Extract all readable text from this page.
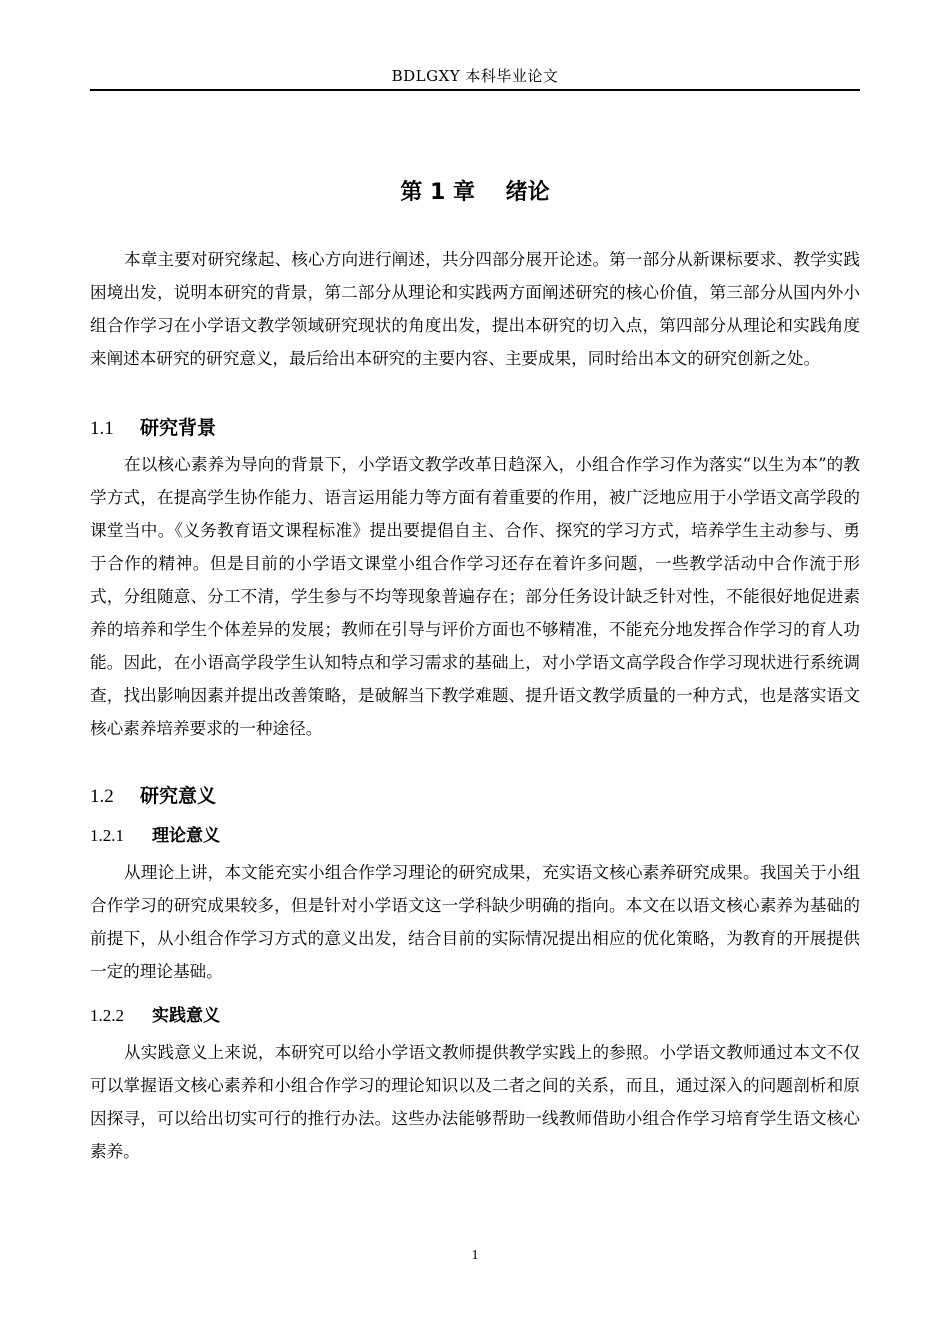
BDLGXY 本科毕业论文
第 1 章    绪论

本章主要对研究缘起、核心方向进行阐述，共分四部分展开论述。第一部分从新课标要求、教学实践困境出发，说明本研究的背景，第二部分从理论和实践两方面阐述研究的核心价值，第三部分从国内外小组合作学习在小学语文教学领域研究现状的角度出发，提出本研究的切入点，第四部分从理论和实践角度来阐述本研究的研究意义，最后给出本研究的主要内容、主要成果，同时给出本文的研究创新之处。

1.1 研究背景

在以核心素养为导向的背景下，小学语文教学改革日趋深入，小组合作学习作为落实“以生为本”的教学方式，在提高学生协作能力、语言运用能力等方面有着重要的作用，被广泛地应用于小学语文高学段的课堂当中。《义务教育语文课程标准》提出要提倡自主、合作、探究的学习方式，培养学生主动参与、勇于合作的精神。但是目前的小学语文课堂小组合作学习还存在着许多问题，一些教学活动中合作流于形式，分组随意、分工不清，学生参与不均等现象普遍存在；部分任务设计缺乏针对性，不能很好地促进素养的培养和学生个体差异的发展；教师在引导与评价方面也不够精准，不能充分地发挥合作学习的育人功能。因此，在小语高学段学生认知特点和学习需求的基础上，对小学语文高学段合作学习现状进行系统调查，找出影响因素并提出改善策略，是破解当下教学难题、提升语文教学质量的一种方式，也是落实语文核心素养培养要求的一种途径。

1.2 研究意义
1.2.1 理论意义

从理论上讲，本文能充实小组合作学习理论的研究成果，充实语文核心素养研究成果。我国关于小组合作学习的研究成果较多，但是针对小学语文这一学科缺少明确的指向。本文在以语文核心素养为基础的前提下，从小组合作学习方式的意义出发，结合目前的实际情况提出相应的优化策略，为教育的开展提供一定的理论基础。

1.2.2 实践意义

从实践意义上来说，本研究可以给小学语文教师提供教学实践上的参照。小学语文教师通过本文不仅可以掌握语文核心素养和小组合作学习的理论知识以及二者之间的关系，而且，通过深入的问题剖析和原因探寻，可以给出切实可行的推行办法。这些办法能够帮助一线教师借助小组合作学习培育学生语文核心素养。

1
